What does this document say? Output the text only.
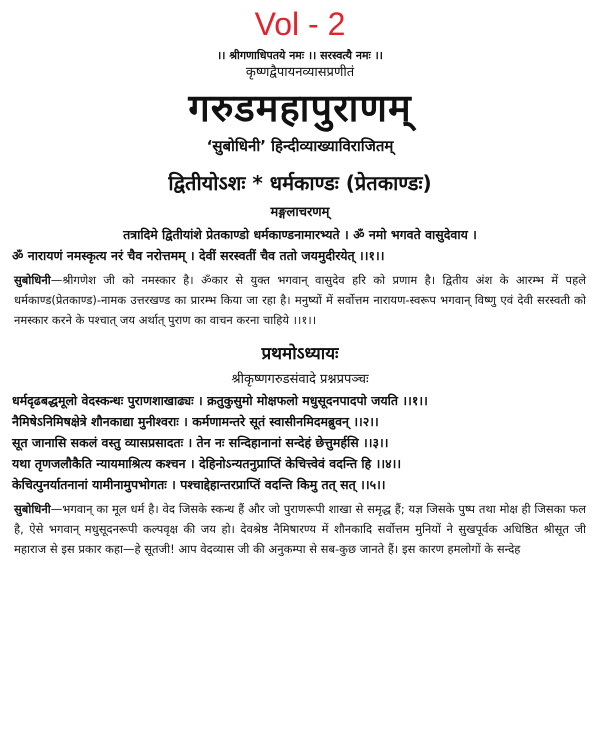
Vol - 2
।। श्रीगणाधिपतये नमः ।। सरस्वत्यै नमः ।।
कृष्णद्वैपायनव्यासप्रणीतं
गरुडमहापुराणम्
‘सुबोधिनी’ हिन्दीव्याख्याविराजितम्
द्वितीयोऽशः * धर्मकाण्डः (प्रेतकाण्डः)
मङ्गलाचरणम्
तत्रादिमे द्वितीयांशे प्रेतकाण्डो धर्मकाण्डनामारभ्यते । ॐ नमो भगवते वासुदेवाय ।
ॐ नारायणं नमस्कृत्य नरं चैव नरोत्तमम् । देवीं सरस्वतीं चैव ततो जयमुदीरयेत् ।।१।।
सुबोधिनी—श्रीगणेश जी को नमस्कार है। ॐकार से युक्त भगवान् वासुदेव हरि को प्रणाम है। द्वितीय अंश के आरम्भ में पहले धर्मकाण्ड(प्रेतकाण्ड)-नामक उत्तरखण्ड का प्रारम्भ किया जा रहा है। मनुष्यों में सर्वोत्तम नारायण-स्वरूप भगवान् विष्णु एवं देवी सरस्वती को नमस्कार करने के पश्चात् जय अर्थात् पुराण का वाचन करना चाहिये ।।१।।
प्रथमोऽध्यायः
श्रीकृष्णगरुडसंवादे प्रश्नप्रपञ्चः
धर्मदृढबद्धमूलो वेदस्कन्धः पुराणशाखाढ्यः । क्रतुकुसुमो मोक्षफलो मधुसूदनपादपो जयति ।।१।।
नैमिषेऽनिमिषक्षेत्रे शौनकाद्या मुनीश्वराः । कर्मणामन्तरे सूतं स्वासीनमिदमब्रुवन् ।।२।।
सूत जानासि सकलं वस्तु व्यासप्रसादतः । तेन नः सन्दिहानानां सन्देहं छेत्तुमर्हसि ।।३।।
यथा तृणजलौकैति न्यायमाश्रित्य कश्चन । देहिनोऽन्यतनुप्राप्तिं केचित्त्वेवं वदन्ति हि ।।४।।
केचित्पुनर्यातनानां यामीनामुपभोगतः । पश्चाद्देहान्तरप्राप्तिं वदन्ति किमु तत् सत् ।।५।।
सुबोधिनी—भगवान् का मूल धर्म है। वेद जिसके स्कन्ध हैं और जो पुराणरूपी शाखा से समृद्ध हैं; यज्ञ जिसके पुष्प तथा मोक्ष ही जिसका फल है, ऐसे भगवान् मधुसूदनरूपी कल्पवृक्ष की जय हो। देवश्रेष्ठ नैमिषारण्य में शौनकादि सर्वोत्तम मुनियों ने सुखपूर्वक अधिष्ठित श्रीसूत जी महाराज से इस प्रकार कहा—हे सूतजी! आप वेदव्यास जी की अनुकम्पा से सब-कुछ जानते हैं। इस कारण हमलोगों के सन्देह
